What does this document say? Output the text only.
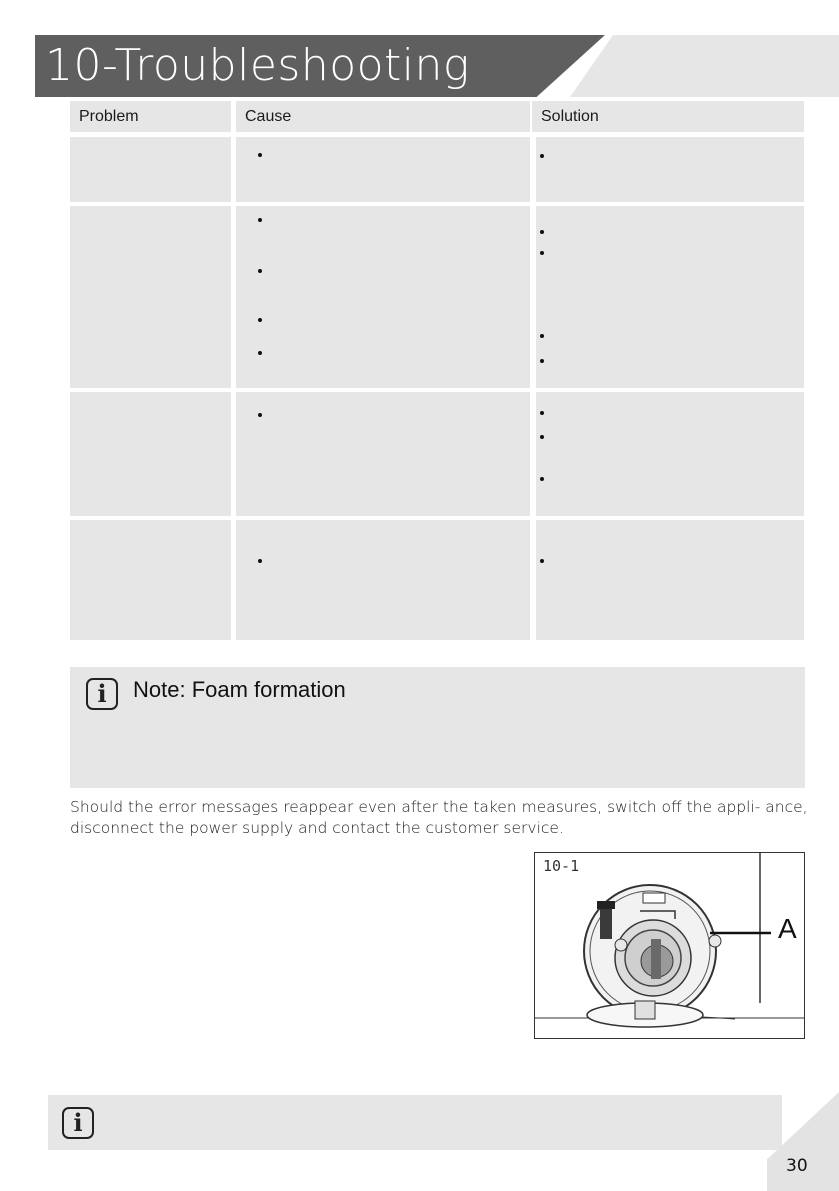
10-Troubleshooting
Problem	Cause	Solution
i	Note: Foam formation

Should the error messages reappear even after the taken measures, switch off the appli- ance, disconnect the power supply and contact the customer service.

10-1
A
i
30
